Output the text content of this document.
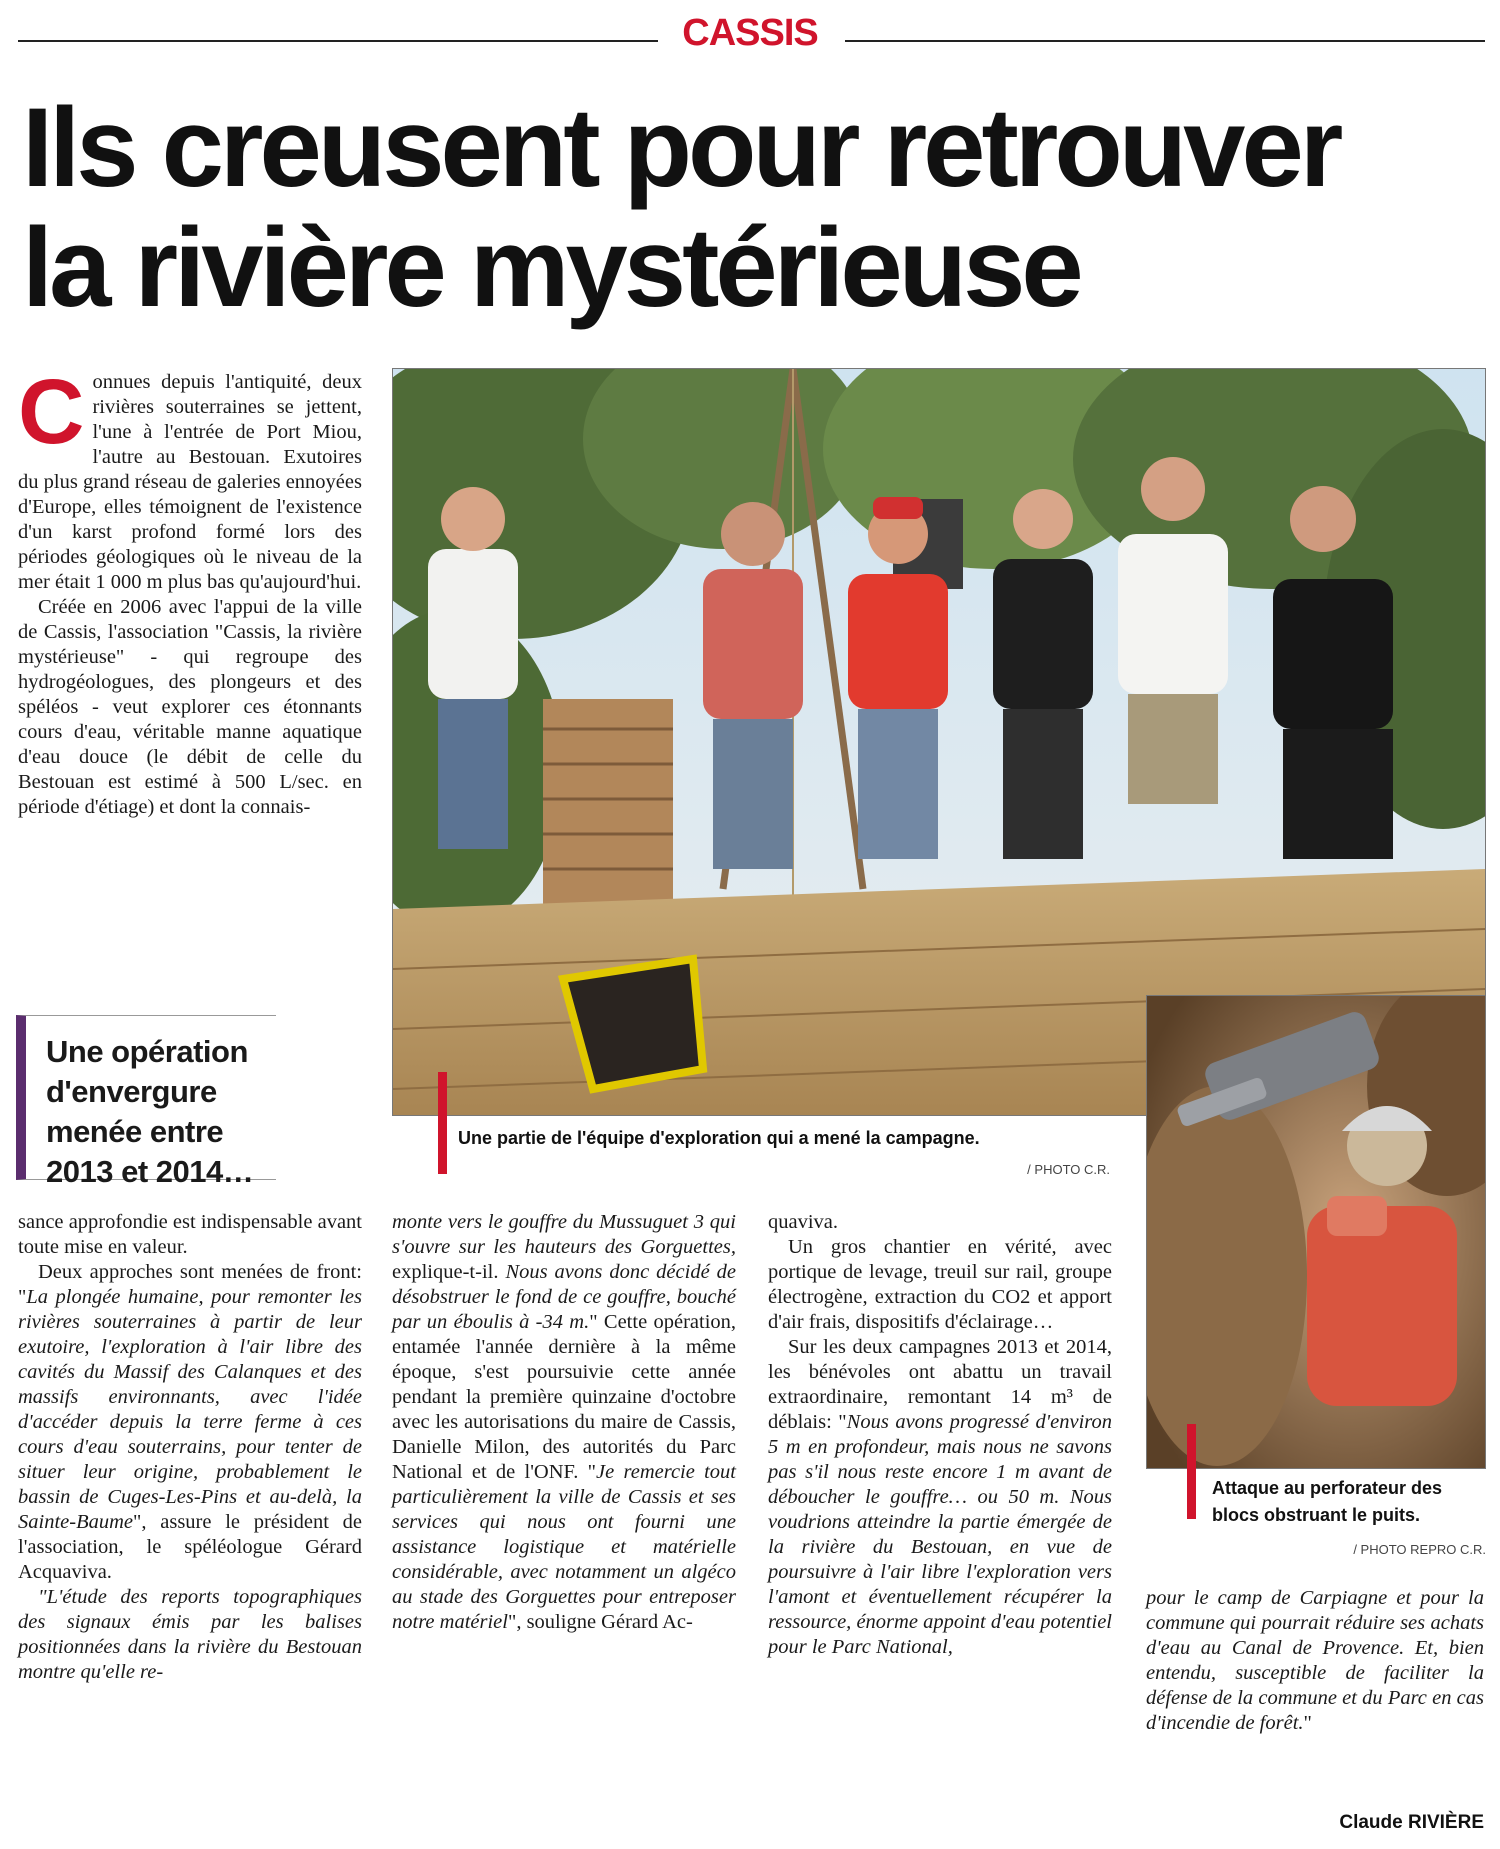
CASSIS
Ils creusent pour retrouver
la rivière mystérieuse

Connues depuis l'antiquité, deux rivières souterraines se jettent, l'une à l'entrée de Port Miou, l'autre au Bestouan. Exutoires du plus grand réseau de galeries ennoyées d'Europe, elles témoignent de l'existence d'un karst profond formé lors des périodes géologiques où le niveau de la mer était 1 000 m plus bas qu'aujourd'hui.

Créée en 2006 avec l'appui de la ville de Cassis, l'association "Cassis, la rivière mystérieuse" - qui regroupe des hydrogéologues, des plongeurs et des spéléos - veut explorer ces étonnants cours d'eau, véritable manne aquatique d'eau douce (le débit de celle du Bestouan est estimé à 500 L/sec. en période d'étiage) et dont la connais-

Une opération d'envergure menée entre 2013 et 2014…
Une partie de l'équipe d'exploration qui a mené la campagne.
/ PHOTO C.R.
Attaque au perforateur des
blocs obstruant le puits.
/ PHOTO REPRO C.R.

sance approfondie est indispensable avant toute mise en valeur.

Deux approches sont menées de front: "La plongée humaine, pour remonter les rivières souterraines à partir de leur exutoire, l'exploration à l'air libre des cavités du Massif des Calanques et des massifs environnants, avec l'idée d'accéder depuis la terre ferme à ces cours d'eau souterrains, pour tenter de situer leur origine, probablement le bassin de Cuges-Les-Pins et au-delà, la Sainte-Baume", assure le président de l'association, le spéléologue Gérard Acquaviva.

"L'étude des reports topographiques des signaux émis par les balises positionnées dans la rivière du Bestouan montre qu'elle re-

monte vers le gouffre du Mussuguet 3 qui s'ouvre sur les hauteurs des Gorguettes, explique-t-il. Nous avons donc décidé de désobstruer le fond de ce gouffre, bouché par un éboulis à -34 m." Cette opération, entamée l'année dernière à la même époque, s'est poursuivie cette année pendant la première quinzaine d'octobre avec les autorisations du maire de Cassis, Danielle Milon, des autorités du Parc National et de l'ONF. "Je remercie tout particulièrement la ville de Cassis et ses services qui nous ont fourni une assistance logistique et matérielle considérable, avec notamment un algéco au stade des Gorguettes pour entreposer notre matériel", souligne Gérard Ac-

quaviva.

Un gros chantier en vérité, avec portique de levage, treuil sur rail, groupe électrogène, extraction du CO2 et apport d'air frais, dispositifs d'éclairage…

Sur les deux campagnes 2013 et 2014, les bénévoles ont abattu un travail extraordinaire, remontant 14 m³ de déblais: "Nous avons progressé d'environ 5 m en profondeur, mais nous ne savons pas s'il nous reste encore 1 m avant de déboucher le gouffre… ou 50 m. Nous voudrions atteindre la partie émergée de la rivière du Bestouan, en vue de poursuivre à l'air libre l'exploration vers l'amont et éventuellement récupérer la ressource, énorme appoint d'eau potentiel pour le Parc National,

pour le camp de Carpiagne et pour la commune qui pourrait réduire ses achats d'eau au Canal de Provence. Et, bien entendu, susceptible de faciliter la défense de la commune et du Parc en cas d'incendie de forêt."

Claude RIVIÈRE
